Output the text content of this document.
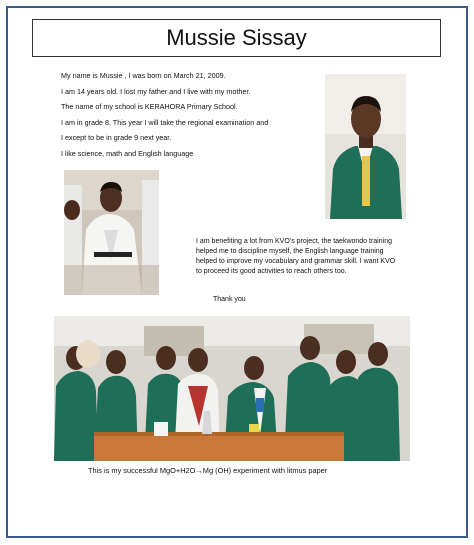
Mussie Sissay
My name is Mussie , I was born on March 21, 2009.
I am 14 years old. I lost my father and I live with my mother.
The name of my school is KERAHORA Primary School.
I am in grade 8. This year I will take the regional examination and
I except to be in grade 9 next year.
I like science, math and English language
I am benefiting a lot from KVO’s project, the taekwondo training helped me to discipline myself, the English language training helped to improve my vocabulary and grammar skill. I want KVO to proceed its good activities to reach others too.
Thank you
This is my successful MgO+H2O→Mg (OH) experiment with litmus paper
